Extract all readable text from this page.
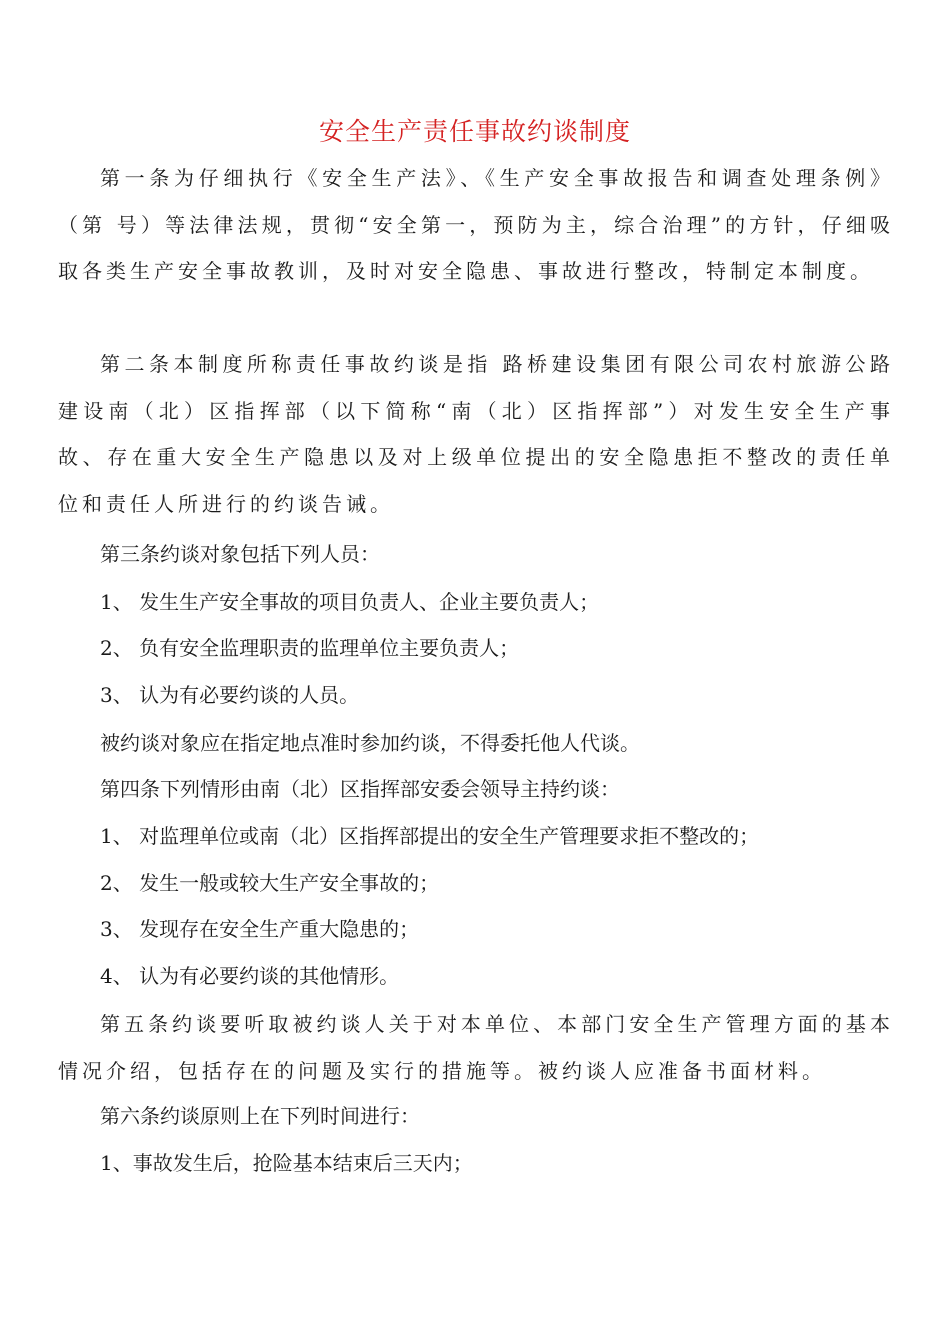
安全生产责任事故约谈制度
第一条为仔细执行《安全生产法》、《生产安全事故报告和调查处理条例》（第 号）等法律法规，贯彻“安全第一，预防为主，综合治理”的方针，仔细吸取各类生产安全事故教训，及时对安全隐患、事故进行整改，特制定本制度。
第二条本制度所称责任事故约谈是指 路桥建设集团有限公司农村旅游公路建设南（北）区指挥部（以下简称“南（北）区指挥部”）对发生安全生产事故、存在重大安全生产隐患以及对上级单位提出的安全隐患拒不整改的责任单位和责任人所进行的约谈告诫。
第三条约谈对象包括下列人员：
1、 发生生产安全事故的项目负责人、企业主要负责人；
2、 负有安全监理职责的监理单位主要负责人；
3、 认为有必要约谈的人员。
被约谈对象应在指定地点准时参加约谈，不得委托他人代谈。
第四条下列情形由南（北）区指挥部安委会领导主持约谈：
1、 对监理单位或南（北）区指挥部提出的安全生产管理要求拒不整改的；
2、 发生一般或较大生产安全事故的；
3、 发现存在安全生产重大隐患的；
4、 认为有必要约谈的其他情形。
第五条约谈要听取被约谈人关于对本单位、本部门安全生产管理方面的基本情况介绍，包括存在的问题及实行的措施等。被约谈人应准备书面材料。
第六条约谈原则上在下列时间进行：
1、事故发生后，抢险基本结束后三天内；
